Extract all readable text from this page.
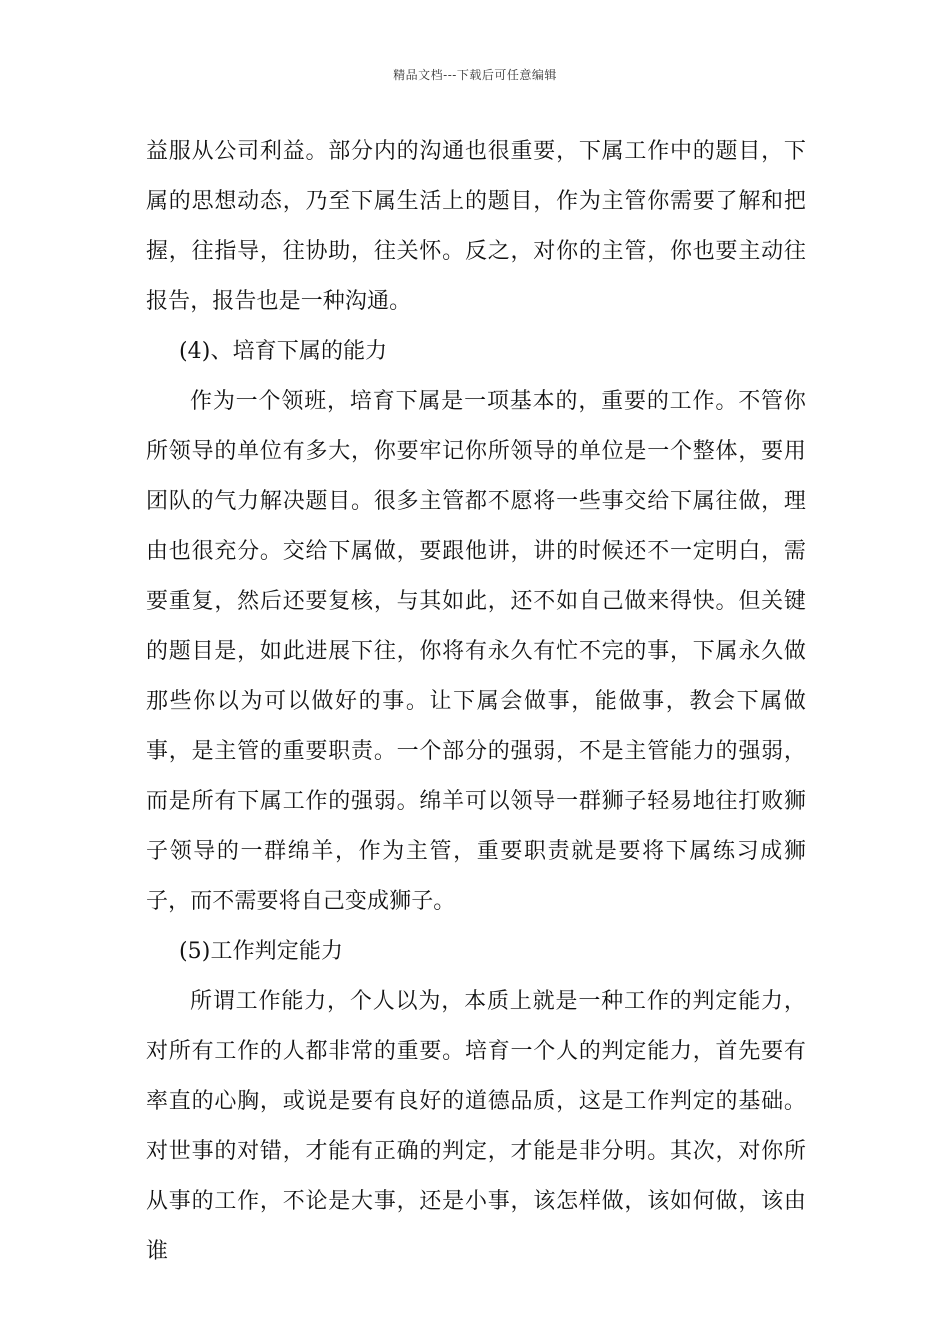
精品文档---下载后可任意编辑

益服从公司利益。部分内的沟通也很重要，下属工作中的题目，下属的思想动态，乃至下属生活上的题目，作为主管你需要了解和把握，往指导，往协助，往关怀。反之，对你的主管，你也要主动往报告，报告也是一种沟通。

(4)、培育下属的能力

作为一个领班，培育下属是一项基本的，重要的工作。不管你所领导的单位有多大，你要牢记你所领导的单位是一个整体，要用团队的气力解决题目。很多主管都不愿将一些事交给下属往做，理由也很充分。交给下属做，要跟他讲，讲的时候还不一定明白，需要重复，然后还要复核，与其如此，还不如自己做来得快。但关键的题目是，如此进展下往，你将有永久有忙不完的事，下属永久做那些你以为可以做好的事。让下属会做事，能做事，教会下属做事，是主管的重要职责。一个部分的强弱，不是主管能力的强弱，而是所有下属工作的强弱。绵羊可以领导一群狮子轻易地往打败狮子领导的一群绵羊，作为主管，重要职责就是要将下属练习成狮子，而不需要将自己变成狮子。

(5)工作判定能力

所谓工作能力，个人以为，本质上就是一种工作的判定能力，对所有工作的人都非常的重要。培育一个人的判定能力，首先要有率直的心胸，或说是要有良好的道德品质，这是工作判定的基础。对世事的对错，才能有正确的判定，才能是非分明。其次，对你所从事的工作，不论是大事，还是小事，该怎样做，该如何做，该由谁
